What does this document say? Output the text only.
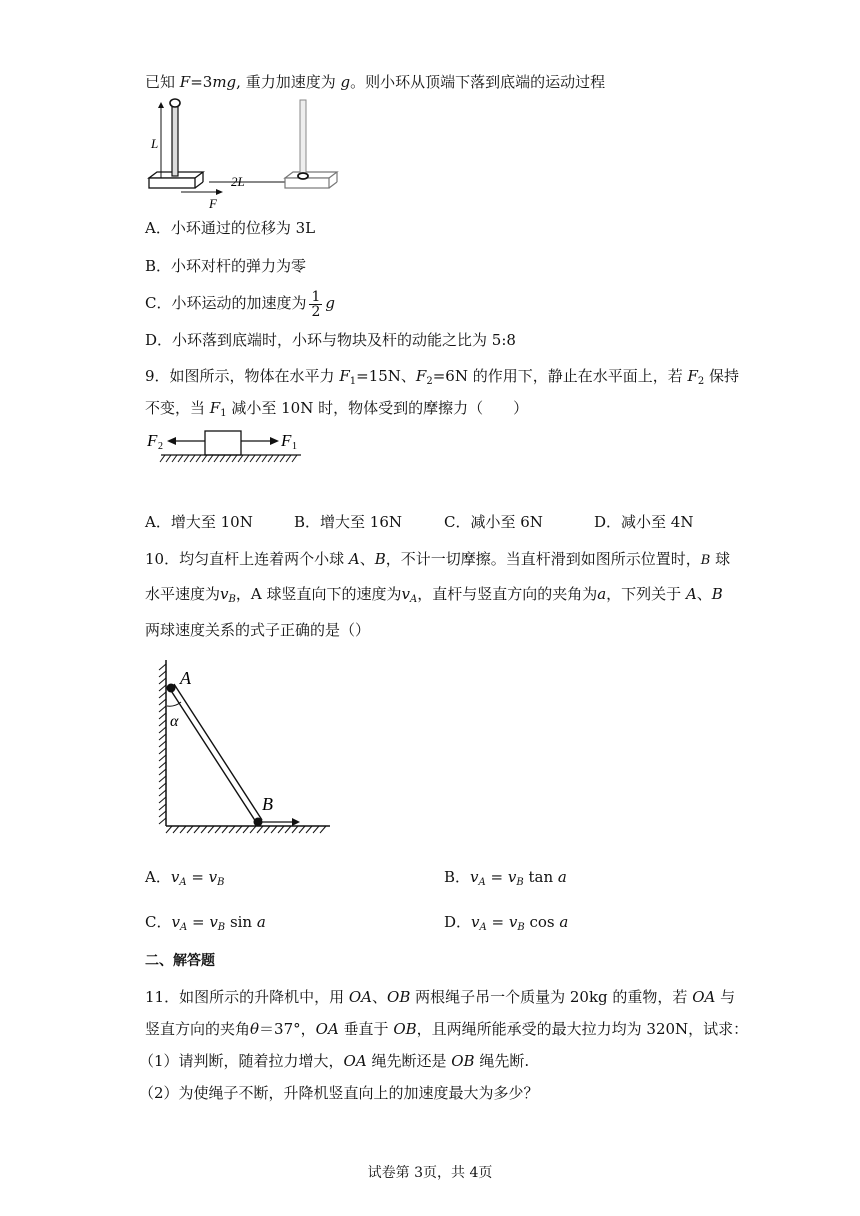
已知 F=3mg, 重力加速度为 g。则小环从顶端下落到底端的运动过程
L
F
2L
A．小环通过的位移为 3L
B．小环对杆的弹力为零
C．小环运动的加速度为 $\frac{1}{2}$ g
D．小环落到底端时，小环与物块及杆的动能之比为 5:8
9．如图所示，物体在水平力 $F_1=15N$、$F_2=6N$ 的作用下，静止在水平面上，若 $F_2$ 保持
不变，当 $F_1$ 减小至 10N 时，物体受到的摩擦力（　　）
F 2	F 1
A．增大至 10N	B．增大至 16N	C．减小至 6N	D．减小至 4N
10．均匀直杆上连着两个小球 A、B，不计一切摩擦。当直杆滑到如图所示位置时，B 球
水平速度为$v_B$，A 球竖直向下的速度为$v_A$，直杆与竖直方向的夹角为a，下列关于 A、B
两球速度关系的式子正确的是（）
A
α
B
A．$v_A = v_B$	B．$v_A = v_B$ tan a
C．$v_A = v_B$ sin a	D．$v_A = v_B$ cos a
二、解答题
11．如图所示的升降机中，用 OA、OB 两根绳子吊一个质量为 20kg 的重物，若 OA 与
竖直方向的夹角θ＝37°，OA 垂直于 OB，且两绳所能承受的最大拉力均为 320N，试求：
（1）请判断，随着拉力增大，OA 绳先断还是 OB 绳先断.
（2）为使绳子不断，升降机竖直向上的加速度最大为多少？
试卷第 3页，共 4页
